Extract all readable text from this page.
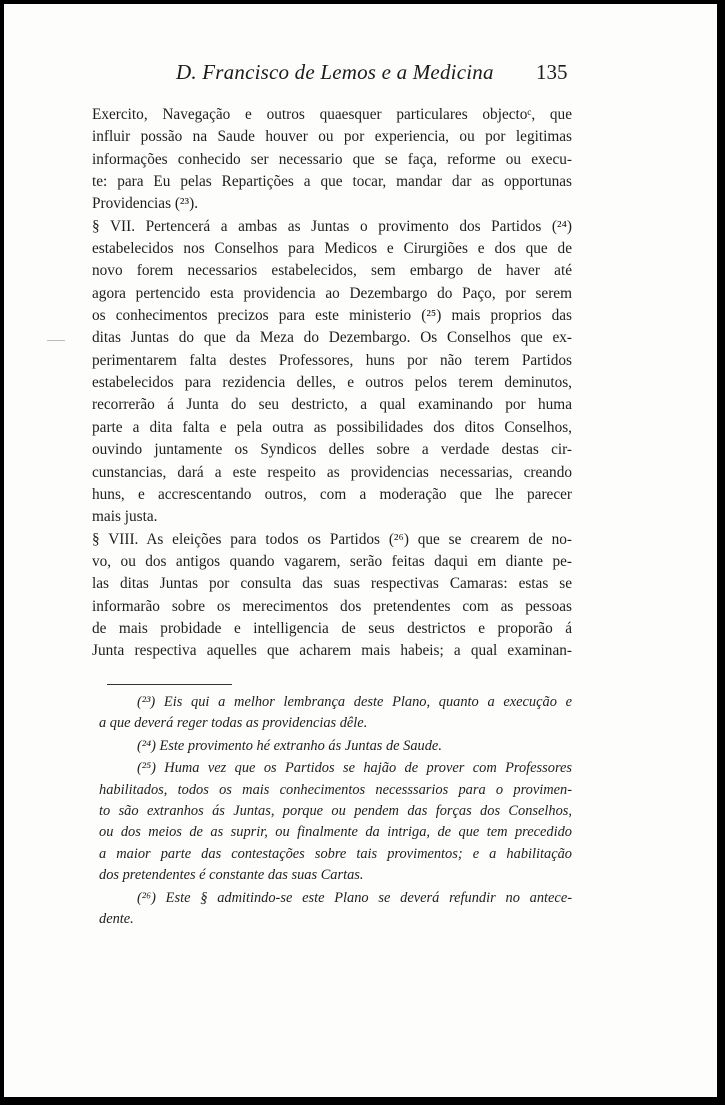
D. Francisco de Lemos e a Medicina 135
Exercito, Navegação e outros quaesquer particulares objectoᶜ, que
influir possão na Saude houver ou por experiencia, ou por legitimas
informações conhecido ser necessario que se faça, reforme ou execu-
te: para Eu pelas Repartições a que tocar, mandar dar as opportunas
Providencias (²³).
§ VII. Pertencerá a ambas as Juntas o provimento dos Partidos (²⁴)
estabelecidos nos Conselhos para Medicos e Cirurgiões e dos que de
novo forem necessarios estabelecidos, sem embargo de haver até
agora pertencido esta providencia ao Dezembargo do Paço, por serem
os conhecimentos precizos para este ministerio (²⁵) mais proprios das
ditas Juntas do que da Meza do Dezembargo. Os Conselhos que ex-
perimentarem falta destes Professores, huns por não terem Partidos
estabelecidos para rezidencia delles, e outros pelos terem deminutos,
recorrerão á Junta do seu destricto, a qual examinando por huma
parte a dita falta e pela outra as possibilidades dos ditos Conselhos,
ouvindo juntamente os Syndicos delles sobre a verdade destas cir-
cunstancias, dará a este respeito as providencias necessarias, creando
huns, e accrescentando outros, com a moderação que lhe parecer
mais justa.
§ VIII. As eleições para todos os Partidos (²⁶) que se crearem de no-
vo, ou dos antigos quando vagarem, serão feitas daqui em diante pe-
las ditas Juntas por consulta das suas respectivas Camaras: estas se
informarão sobre os merecimentos dos pretendentes com as pessoas
de mais probidade e intelligencia de seus destrictos e proporão á
Junta respectiva aquelles que acharem mais habeis; a qual examinan-
(²³) Eis qui a melhor lembrança deste Plano, quanto a execução e
a que deverá reger todas as providencias dêle.
(²⁴) Este provimento hé extranho ás Juntas de Saude.
(²⁵) Huma vez que os Partidos se hajão de prover com Professores
habilitados, todos os mais conhecimentos necesssarios para o provimen-
to são extranhos ás Juntas, porque ou pendem das forças dos Conselhos,
ou dos meios de as suprir, ou finalmente da intriga, de que tem precedido
a maior parte das contestações sobre tais provimentos; e a habilitação
dos pretendentes é constante das suas Cartas.
(²⁶) Este § admitindo-se este Plano se deverá refundir no antece-
dente.
